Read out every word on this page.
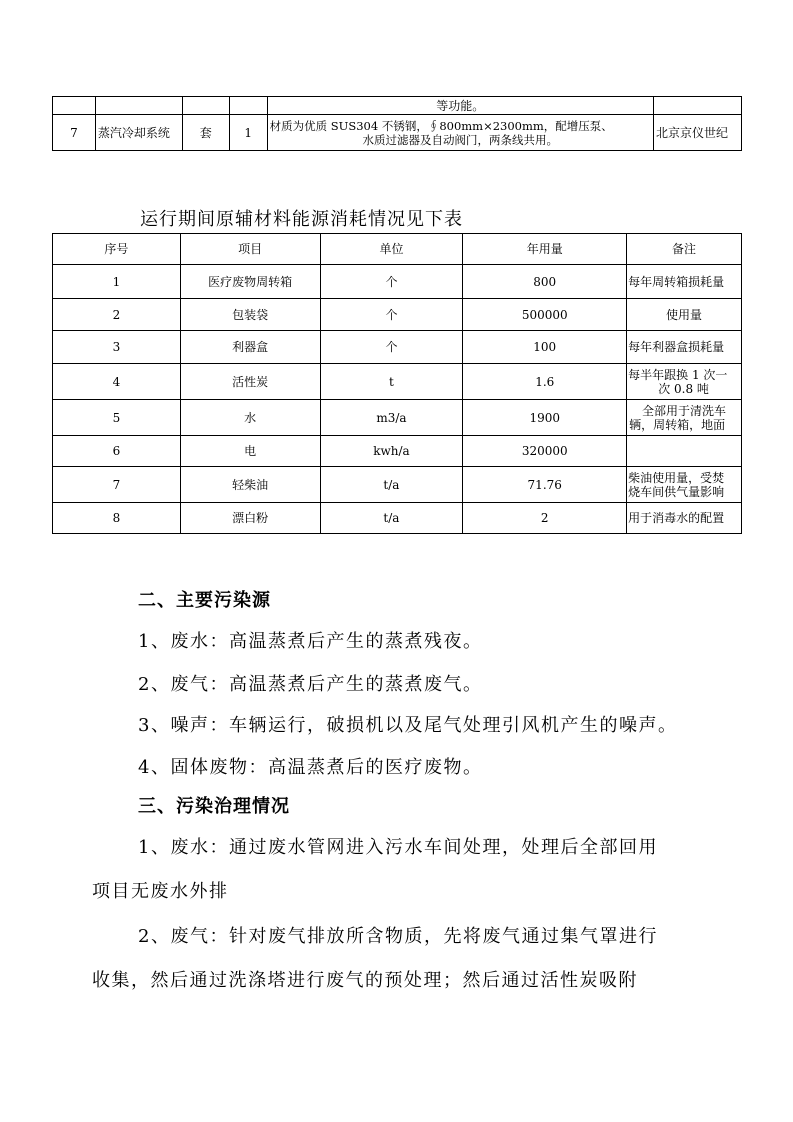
				等功能。	
7	蒸汽冷却系统	套	1	材质为优质 SUS304 不锈钢，∮800mm×2300mm，配增压泵、
水质过滤器及自动阀门，两条线共用。	北京京仪世纪
运行期间原辅材料能源消耗情况见下表
序号	项目	单位	年用量	备注
1	医疗废物周转箱	个	800	每年周转箱损耗量

2	包装袋	个	500000	使用量

3	利器盒	个	100	每年利器盒损耗量

4	活性炭	t	1.6	每半年跟换 1 次一
次 0.8 吨

5	水	m3/a	1900	全部用于清洗车
辆，周转箱，地面

6	电	kwh/a	320000	
7	轻柴油	t/a	71.76	柴油使用量，受焚
烧车间供气量影响

8	漂白粉	t/a	2	用于消毒水的配置
二、主要污染源
1、废水：高温蒸煮后产生的蒸煮残夜。
2、废气：高温蒸煮后产生的蒸煮废气。
3、噪声：车辆运行，破损机以及尾气处理引风机产生的噪声。
4、固体废物：高温蒸煮后的医疗废物。
三、污染治理情况
1、废水：通过废水管网进入污水车间处理，处理后全部回用
项目无废水外排
2、废气：针对废气排放所含物质，先将废气通过集气罩进行
收集，然后通过洗涤塔进行废气的预处理；然后通过活性炭吸附
